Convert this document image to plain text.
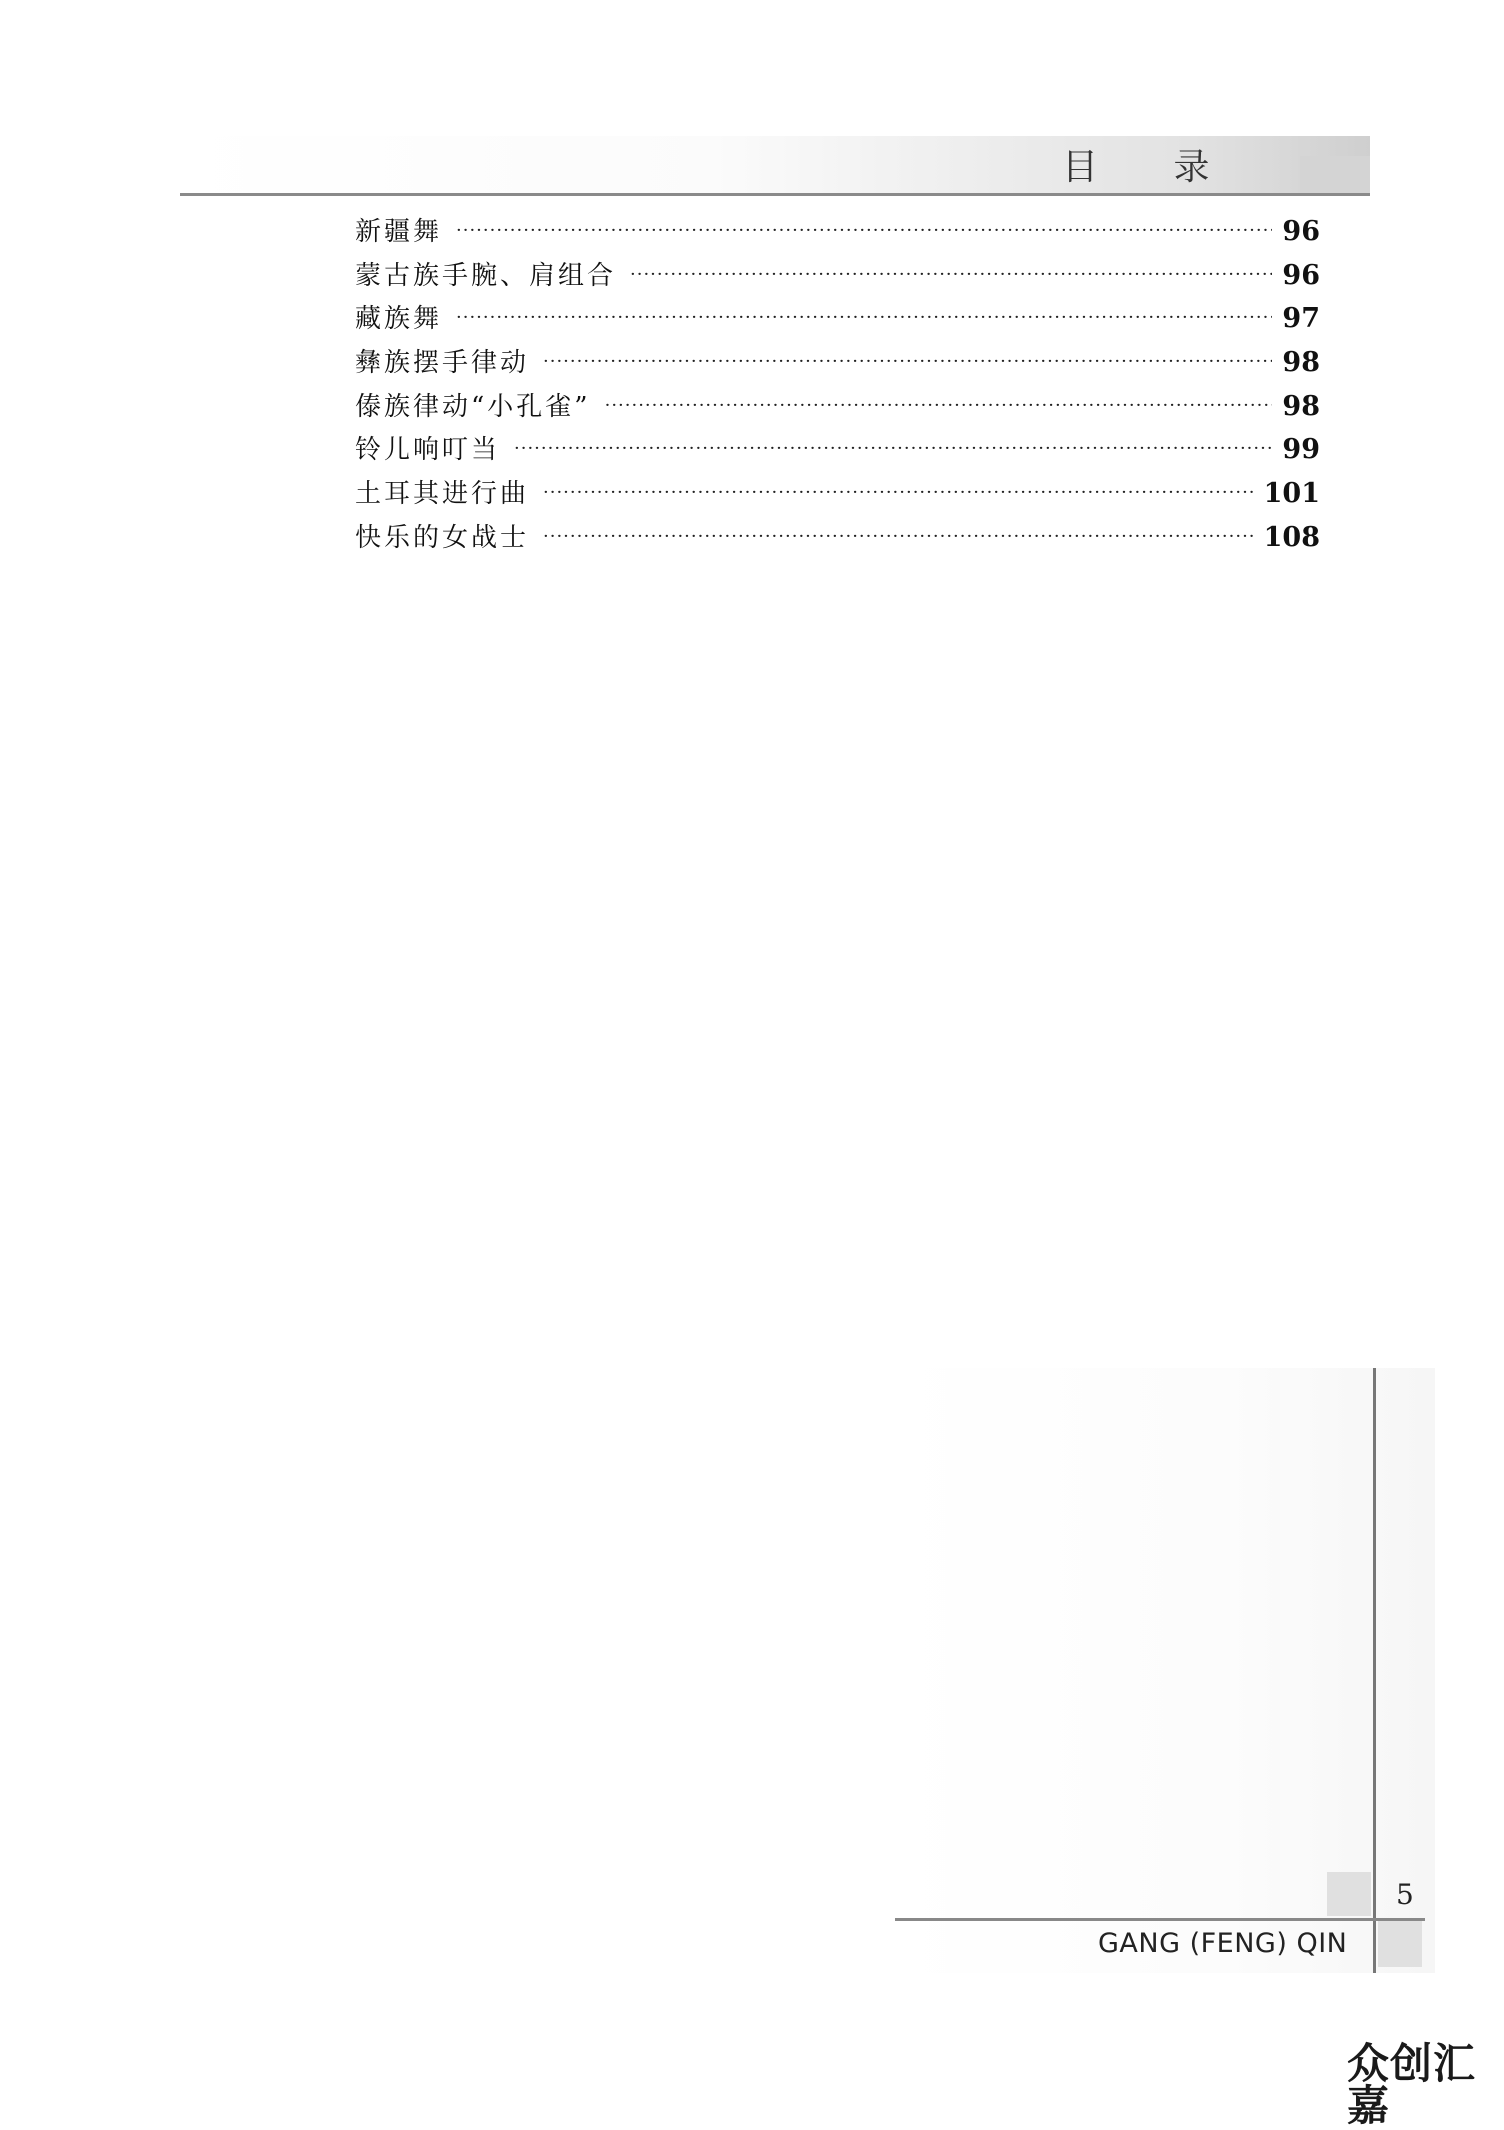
目 录
新疆舞 ·····	96
蒙古族手腕、肩组合 ·····	96
藏族舞 ·····	97
彝族摆手律动 ·····	98
傣族律动“小孔雀” ·····	98
铃儿响叮当 ·····	99
土耳其进行曲 ·····	101
快乐的女战士 ·····	108
5
GANG (FENG) QIN
众创汇嘉
